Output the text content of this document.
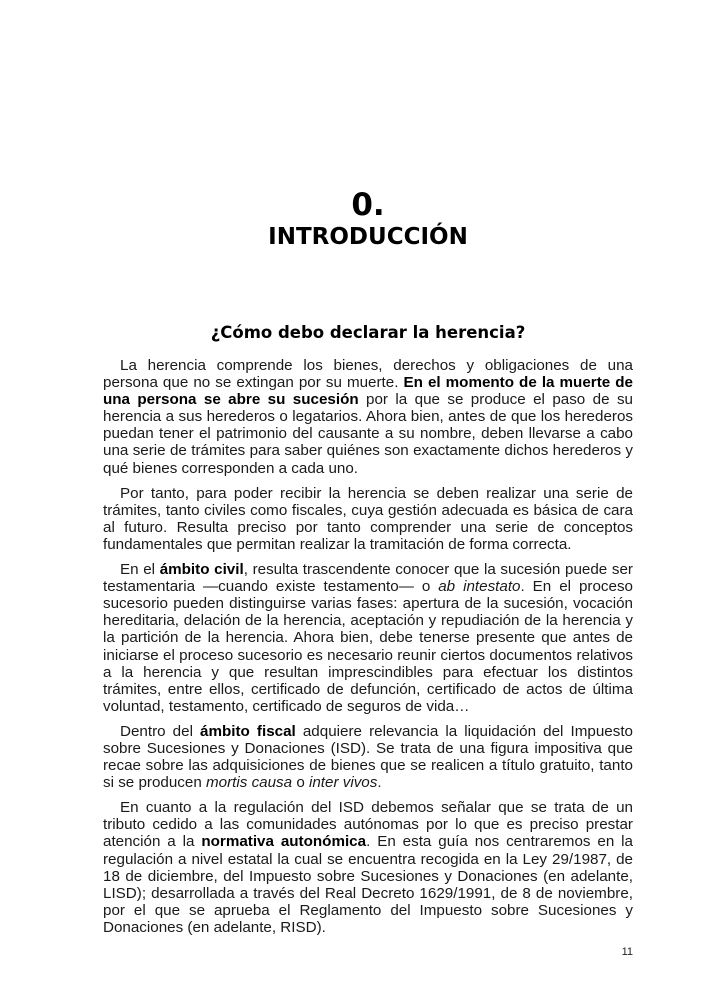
0.
INTRODUCCIÓN
¿Cómo debo declarar la herencia?

La herencia comprende los bienes, derechos y obligaciones de una persona que no se extingan por su muerte. En el momento de la muerte de una persona se abre su sucesión por la que se produce el paso de su herencia a sus herederos o legatarios. Ahora bien, antes de que los herederos puedan tener el patrimonio del causante a su nombre, deben llevarse a cabo una serie de trámites para saber quiénes son exactamente dichos herederos y qué bienes corresponden a cada uno.

Por tanto, para poder recibir la herencia se deben realizar una serie de trámites, tanto civiles como fiscales, cuya gestión adecuada es básica de cara al futuro. Resulta preciso por tanto comprender una serie de conceptos fundamentales que permitan realizar la tramitación de forma correcta.

En el ámbito civil, resulta trascendente conocer que la sucesión puede ser testamentaria —cuando existe testamento— o ab intestato. En el proceso sucesorio pueden distinguirse varias fases: apertura de la sucesión, vocación hereditaria, delación de la herencia, aceptación y repudiación de la herencia y la partición de la herencia. Ahora bien, debe tenerse presente que antes de iniciarse el proceso sucesorio es necesario reunir ciertos documentos relativos a la herencia y que resultan imprescindibles para efectuar los distintos trámites, entre ellos, certificado de defunción, certificado de actos de última voluntad, testamento, certificado de seguros de vida…

Dentro del ámbito fiscal adquiere relevancia la liquidación del Impuesto sobre Sucesiones y Donaciones (ISD). Se trata de una figura impositiva que recae sobre las adquisiciones de bienes que se realicen a título gratuito, tanto si se producen mortis causa o inter vivos.

En cuanto a la regulación del ISD debemos señalar que se trata de un tributo cedido a las comunidades autónomas por lo que es preciso prestar atención a la normativa autonómica. En esta guía nos centraremos en la regulación a nivel estatal la cual se encuentra recogida en la Ley 29/1987, de 18 de diciembre, del Impuesto sobre Sucesiones y Donaciones (en adelante, LISD); desarrollada a través del Real Decreto 1629/1991, de 8 de noviembre, por el que se aprueba el Reglamento del Impuesto sobre Sucesiones y Donaciones (en adelante, RISD).

11
